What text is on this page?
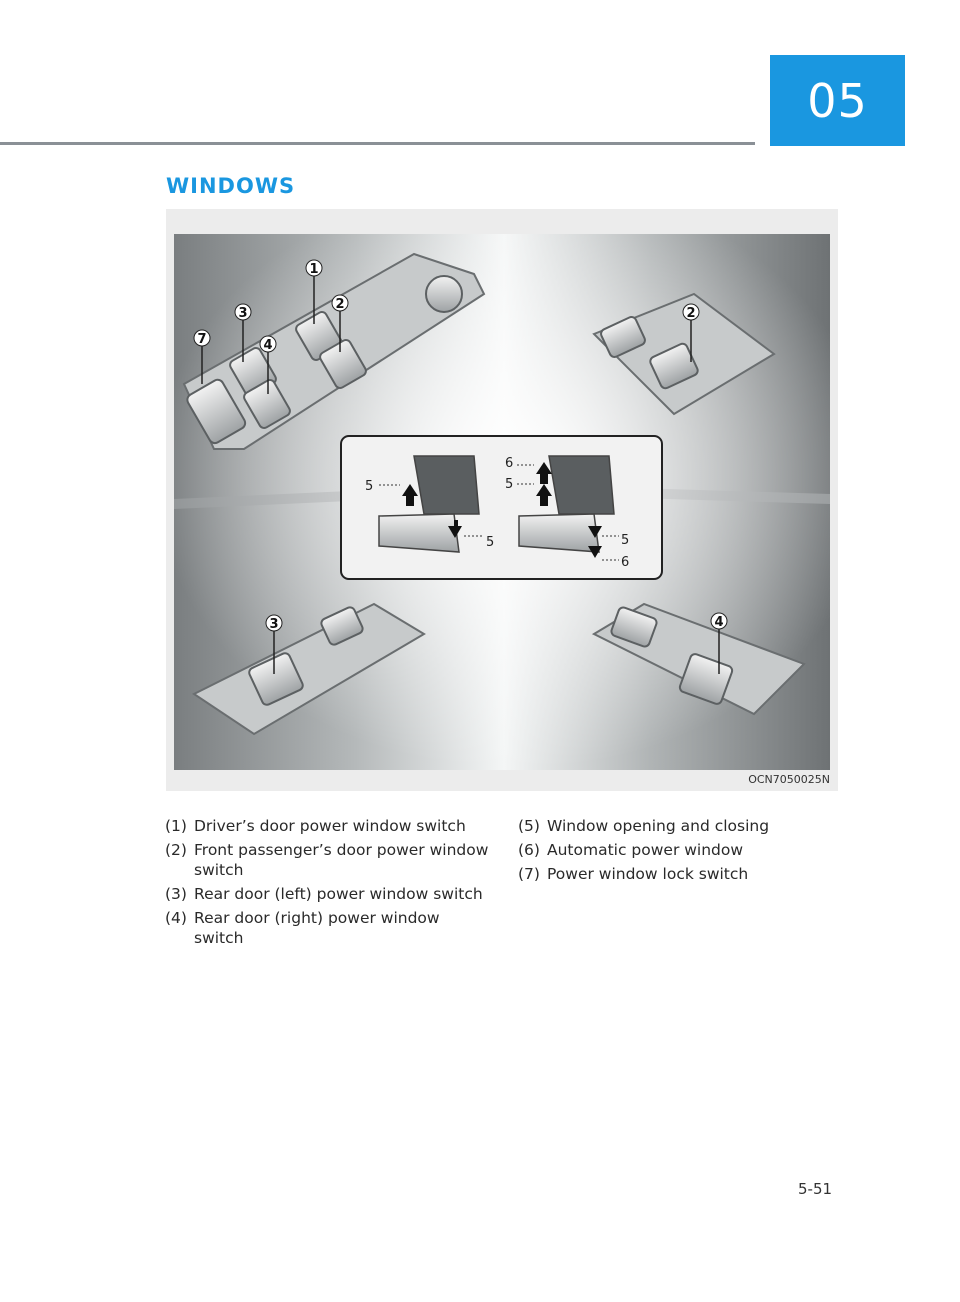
05
WINDOWS
1
2
3
4
7
2
3	4
5
5
6
5
5
6
OCN7050025N
(1) Driver’s door power window switch
(2) Front passenger’s door power window switch
(3) Rear door (left) power window switch
(4) Rear door (right) power window switch
(5) Window opening and closing
(6) Automatic power window
(7) Power window lock switch
5-51
